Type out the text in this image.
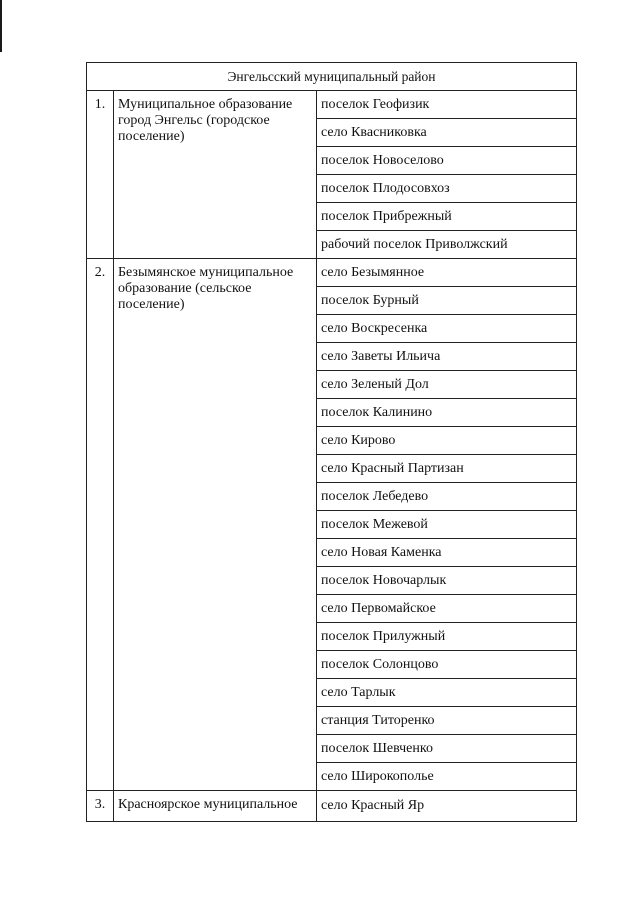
Энгельсский муниципальный район		
1.	Муниципальное образование город Энгельс (городское поселение)	поселок Геофизик
		село Квасниковка
		поселок Новоселово
		поселок Плодосовхоз
		поселок Прибрежный
		рабочий поселок Приволжский
2.	Безымянское муниципальное образование (сельское поселение)	село Безымянное
		поселок Бурный
		село Воскресенка
		село Заветы Ильича
		село Зеленый Дол
		поселок Калинино
		село Кирово
		село Красный Партизан
		поселок Лебедево
		поселок Межевой
		село Новая Каменка
		поселок Новочарлык
		село Первомайское
		поселок Прилужный
		поселок Солонцово
		село Тарлык
		станция Титоренко
		поселок Шевченко
		село Широкополье
3.	Красноярское муниципальное	село Красный Яр
